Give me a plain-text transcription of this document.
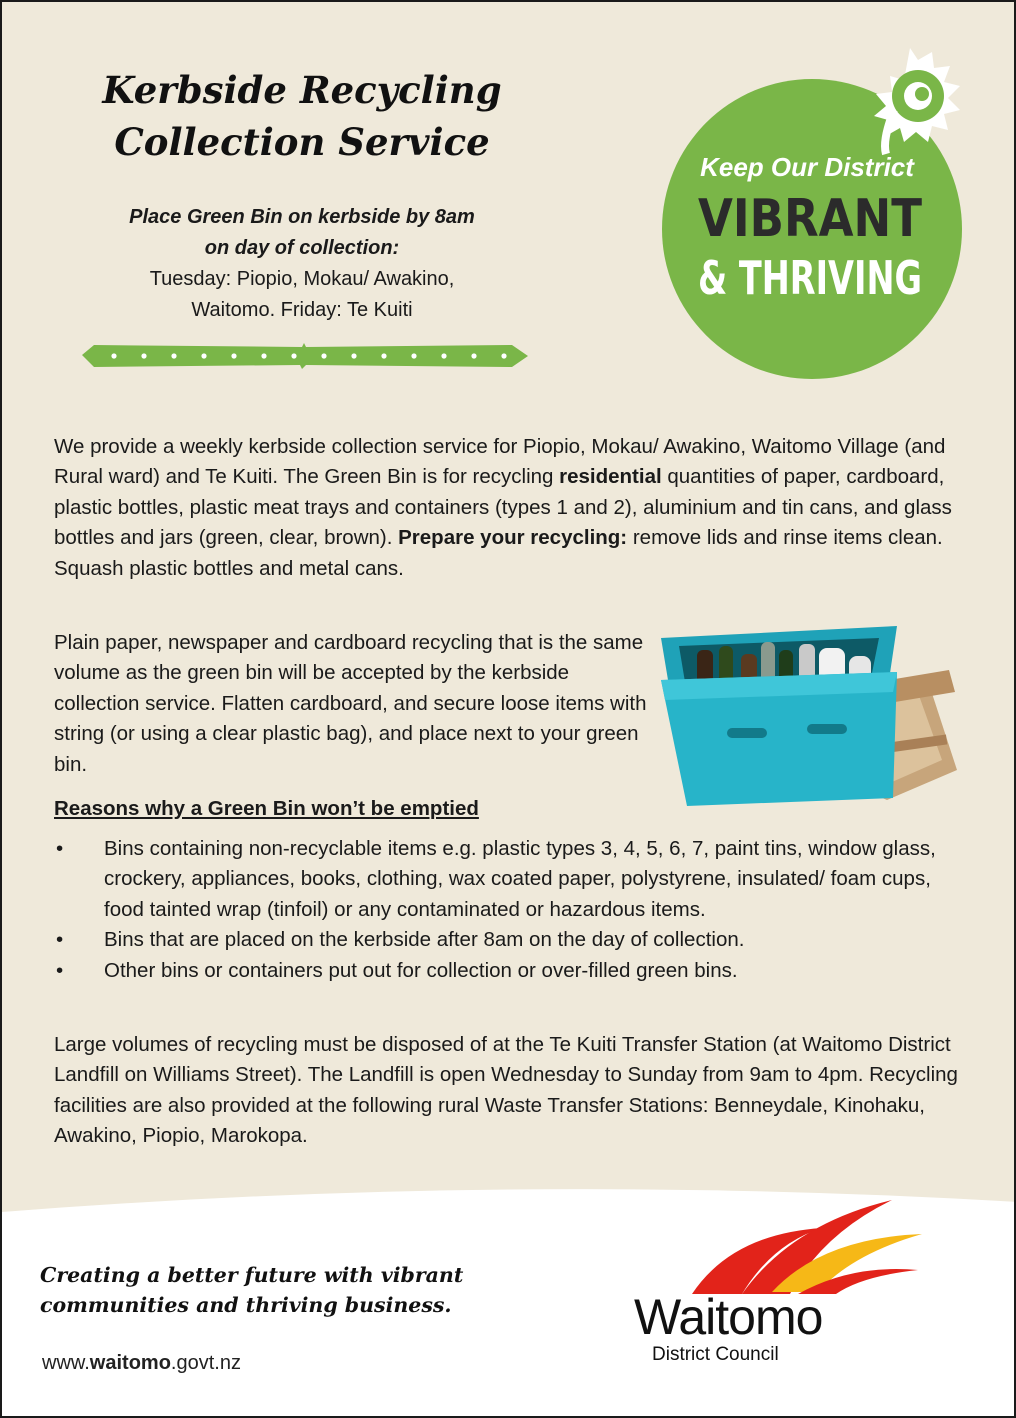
Kerbside Recycling
Collection Service
Place Green Bin on kerbside by 8am
on day of collection:
Tuesday: Piopio, Mokau/ Awakino,
Waitomo. Friday: Te Kuiti
Keep Our District
VIBRANT
& THRIVING

We provide a weekly kerbside collection service for Piopio, Mokau/ Awakino, Waitomo Village (and Rural ward) and Te Kuiti. The Green Bin is for recycling residential quantities of paper, cardboard, plastic bottles, plastic meat trays and containers (types 1 and 2), aluminium and tin cans, and glass bottles and jars (green, clear, brown). Prepare your recycling: remove lids and rinse items clean. Squash plastic bottles and metal cans.

Plain paper, newspaper and cardboard recycling that is the same volume as the green bin will be accepted by the kerbside collection service. Flatten cardboard, and secure loose items with string (or using a clear plastic bag), and place next to your green bin.

Reasons why a Green Bin won’t be emptied
• Bins containing non-recyclable items e.g. plastic types 3, 4, 5, 6, 7, paint tins, window glass, crockery, appliances, books, clothing, wax coated paper, polystyrene, insulated/ foam cups, food tainted wrap (tinfoil) or any contaminated or hazardous items.
• Bins that are placed on the kerbside after 8am on the day of collection.
• Other bins or containers put out for collection or over-filled green bins.

Large volumes of recycling must be disposed of at the Te Kuiti Transfer Station (at Waitomo District Landfill on Williams Street). The Landfill is open Wednesday to Sunday from 9am to 4pm. Recycling facilities are also provided at the following rural Waste Transfer Stations: Benneydale, Kinohaku, Awakino, Piopio, Marokopa.

Creating a better future with vibrant
communities and thriving business.
www.waitomo.govt.nz
Waitomo
District Council
